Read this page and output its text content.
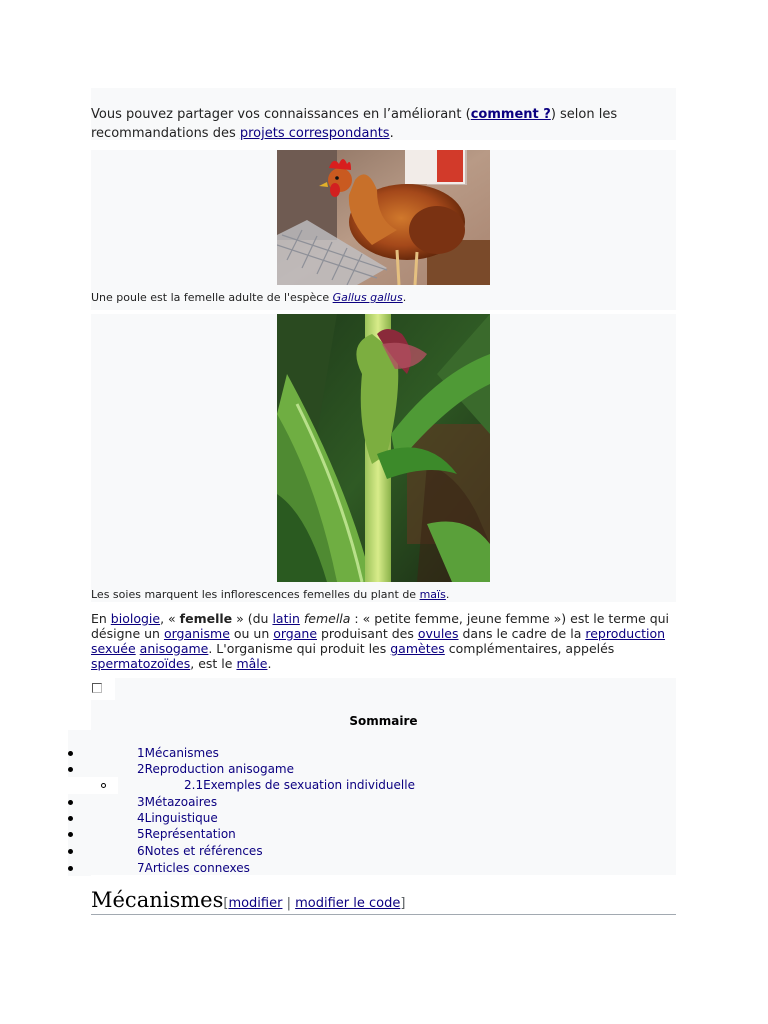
Vous pouvez partager vos connaissances en l’améliorant (comment ?) selon les recommandations des projets correspondants.
Une poule est la femelle adulte de l'espèce Gallus gallus.
Les soies marquent les inflorescences femelles du plant de maïs.
En biologie, « femelle » (du latin femella : « petite femme, jeune femme ») est le terme qui désigne un organisme ou un organe produisant des ovules dans le cadre de la reproduction sexuée anisogame. L'organisme qui produit les gamètes complémentaires, appelés spermatozoïdes, est le mâle.
Sommaire
1Mécanismes
2Reproduction anisogame
2.1Exemples de sexuation individuelle
3Métazoaires
4Linguistique
5Représentation
6Notes et références
7Articles connexes
Mécanismes[modifier | modifier le code]
